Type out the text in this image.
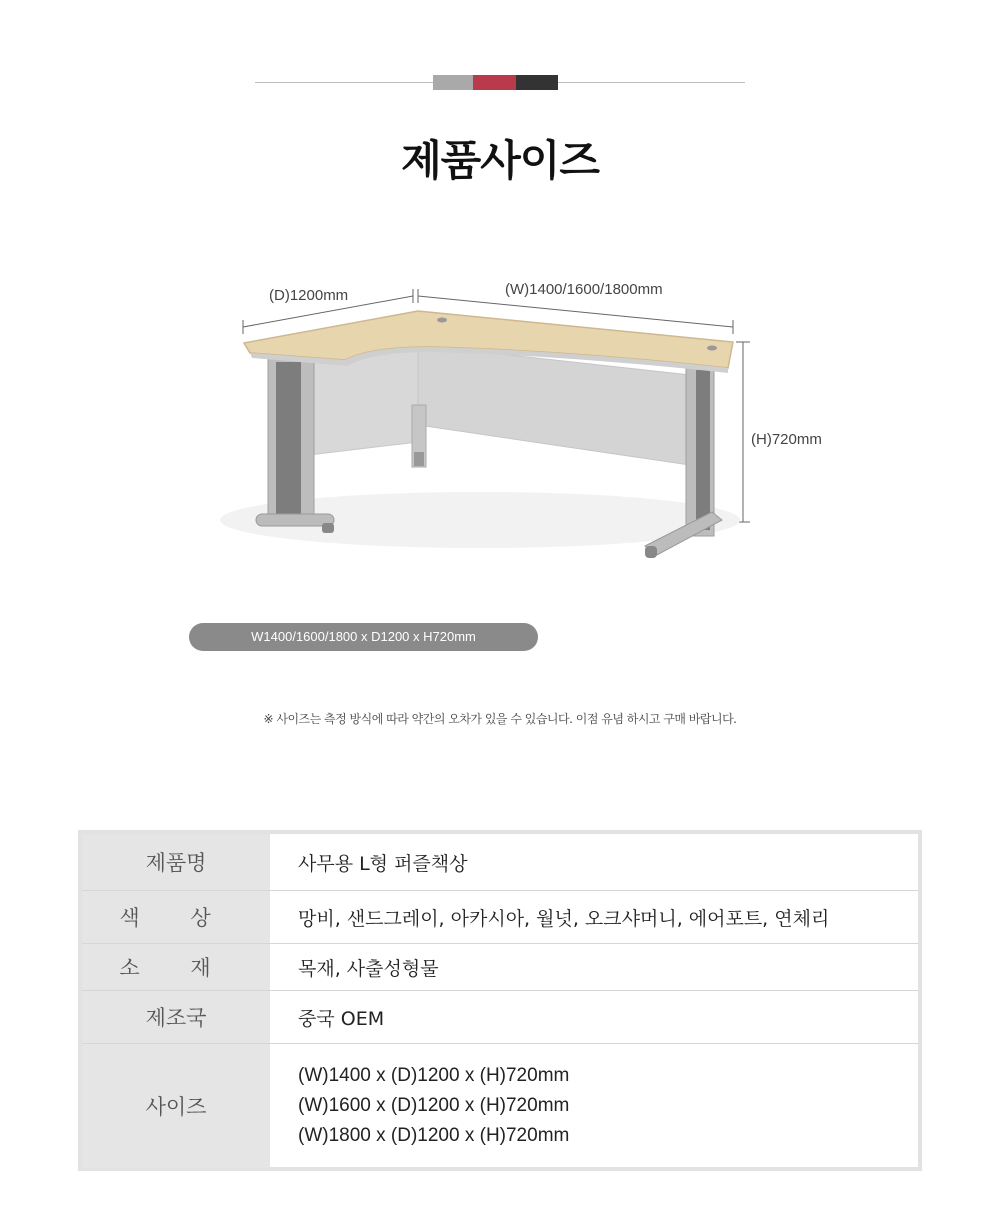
제품사이즈
(D)1200mm	(W)1400/1600/1800mm
(H)720mm
W1400/1600/1800 x D1200 x H720mm
※ 사이즈는 측정 방식에 따라 약간의 오차가 있을 수 있습니다. 이점 유념 하시고 구매 바랍니다.
제품명	사무용 L형 퍼즐책상
색 상	망비, 샌드그레이, 아카시아, 월넛, 오크샤머니, 에어포트, 연체리
소 재	목재, 사출성형물
제조국	중국 OEM
사이즈	(W)1400 x (D)1200 x (H)720mm
(W)1600 x (D)1200 x (H)720mm
(W)1800 x (D)1200 x (H)720mm
